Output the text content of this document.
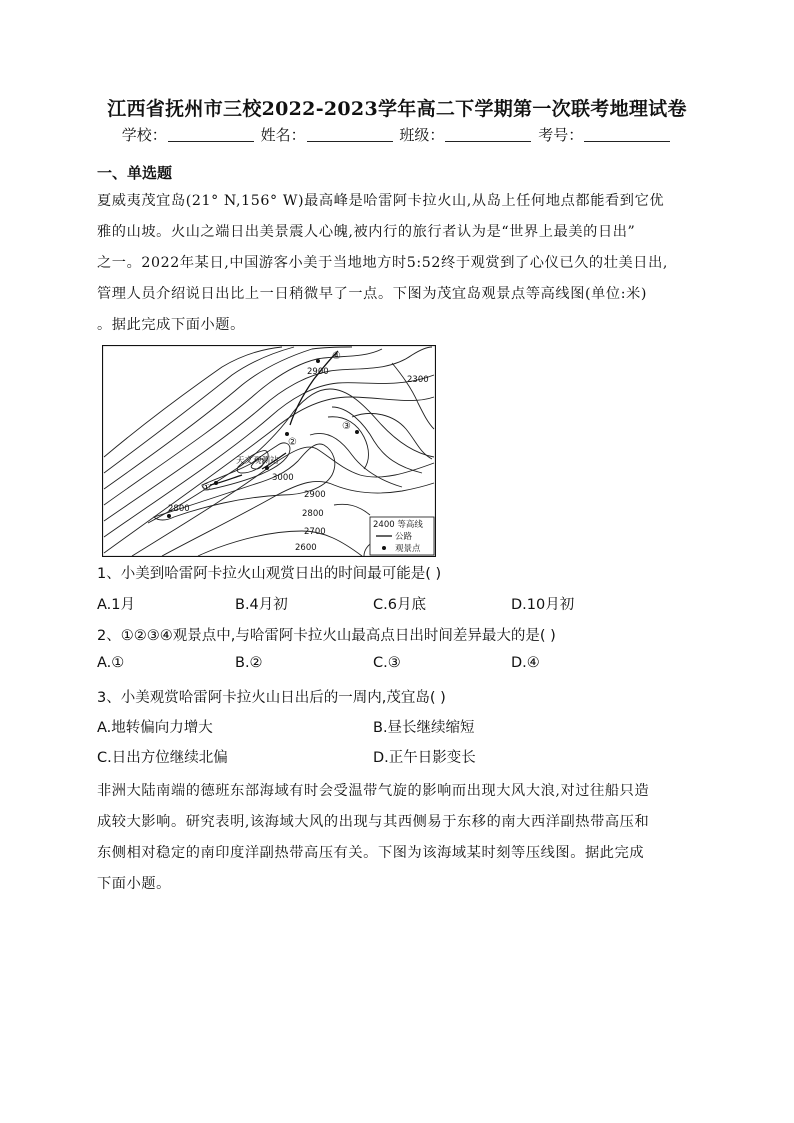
江西省抚州市三校2022-2023学年高二下学期第一次联考地理试卷
学校：	姓名：	班级：	考号：
一、单选题
夏威夷茂宜岛(21° N,156° W)最高峰是哈雷阿卡拉火山,从岛上任何地点都能看到它优
雅的山坡。火山之端日出美景震人心魄,被内行的旅行者认为是“世界上最美的日出”
之一。2022年某日,中国游客小美于当地地方时5:52终于观赏到了心仪已久的壮美日出,
管理人员介绍说日出比上一日稍微早了一点。下图为茂宜岛观景点等高线图(单位:米)
。据此完成下面小题。
2900
2300
3000
2900
2800	2800
2700
2600
天文观测站
④
③
②
①
2400 等高线
公路
观景点
1、小美到哈雷阿卡拉火山观赏日出的时间最可能是( )
A.1月	B.4月初	C.6月底	D.10月初
2、①②③④观景点中,与哈雷阿卡拉火山最高点日出时间差异最大的是( )
A.①	B.②	C.③	D.④
3、小美观赏哈雷阿卡拉火山日出后的一周内,茂宜岛( )
A.地转偏向力增大	B.昼长继续缩短
C.日出方位继续北偏	D.正午日影变长
非洲大陆南端的德班东部海域有时会受温带气旋的影响而出现大风大浪,对过往船只造
成较大影响。研究表明,该海域大风的出现与其西侧易于东移的南大西洋副热带高压和
东侧相对稳定的南印度洋副热带高压有关。下图为该海域某时刻等压线图。据此完成
下面小题。
